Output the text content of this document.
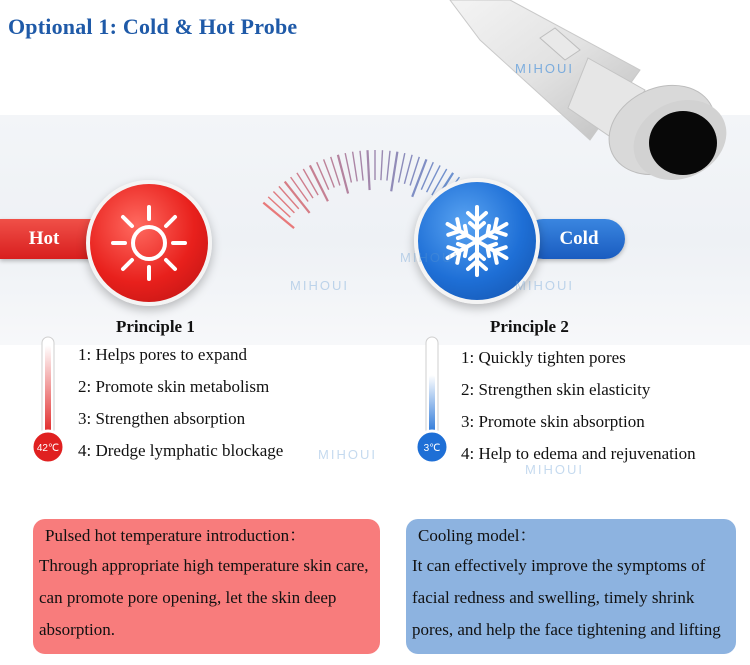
Optional 1: Cold & Hot Probe
MIHOUI
Hot	Cold
Principle 1
42℃
1: Helps pores to expand
2: Promote skin metabolism
3: Strengthen absorption
4: Dredge lymphatic blockage
Principle 2
3℃
1: Quickly tighten pores
2: Strengthen skin elasticity
3: Promote skin absorption
4: Help to edema and rejuvenation
MIHOUI
MIHOUI	MIHOUI
MIHOUI
MIHOUI
Pulsed hot temperature introduction：
Through appropriate high temperature skin care,
can promote pore opening, let the skin deep
absorption.
Cooling model：
It can effectively improve the symptoms of
facial redness and swelling, timely shrink
pores, and help the face tightening and lifting
